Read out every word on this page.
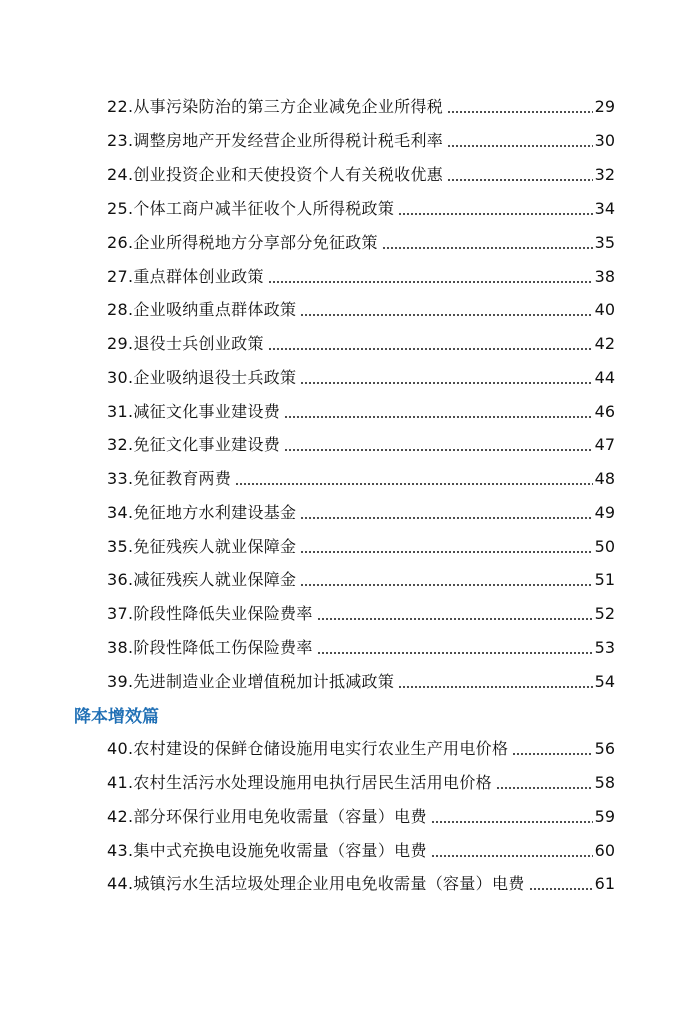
22.从事污染防治的第三方企业减免企业所得税	29
23.调整房地产开发经营企业所得税计税毛利率	30
24.创业投资企业和天使投资个人有关税收优惠	32
25.个体工商户减半征收个人所得税政策	34
26.企业所得税地方分享部分免征政策	35
27.重点群体创业政策	38
28.企业吸纳重点群体政策	40
29.退役士兵创业政策	42
30.企业吸纳退役士兵政策	44
31.减征文化事业建设费	46
32.免征文化事业建设费	47
33.免征教育两费	48
34.免征地方水利建设基金	49
35.免征残疾人就业保障金	50
36.减征残疾人就业保障金	51
37.阶段性降低失业保险费率	52
38.阶段性降低工伤保险费率	53
39.先进制造业企业增值税加计抵减政策	54
降本增效篇
40.农村建设的保鲜仓储设施用电实行农业生产用电价格	56
41.农村生活污水处理设施用电执行居民生活用电价格	58
42.部分环保行业用电免收需量（容量）电费	59
43.集中式充换电设施免收需量（容量）电费	60
44.城镇污水生活垃圾处理企业用电免收需量（容量）电费	61
